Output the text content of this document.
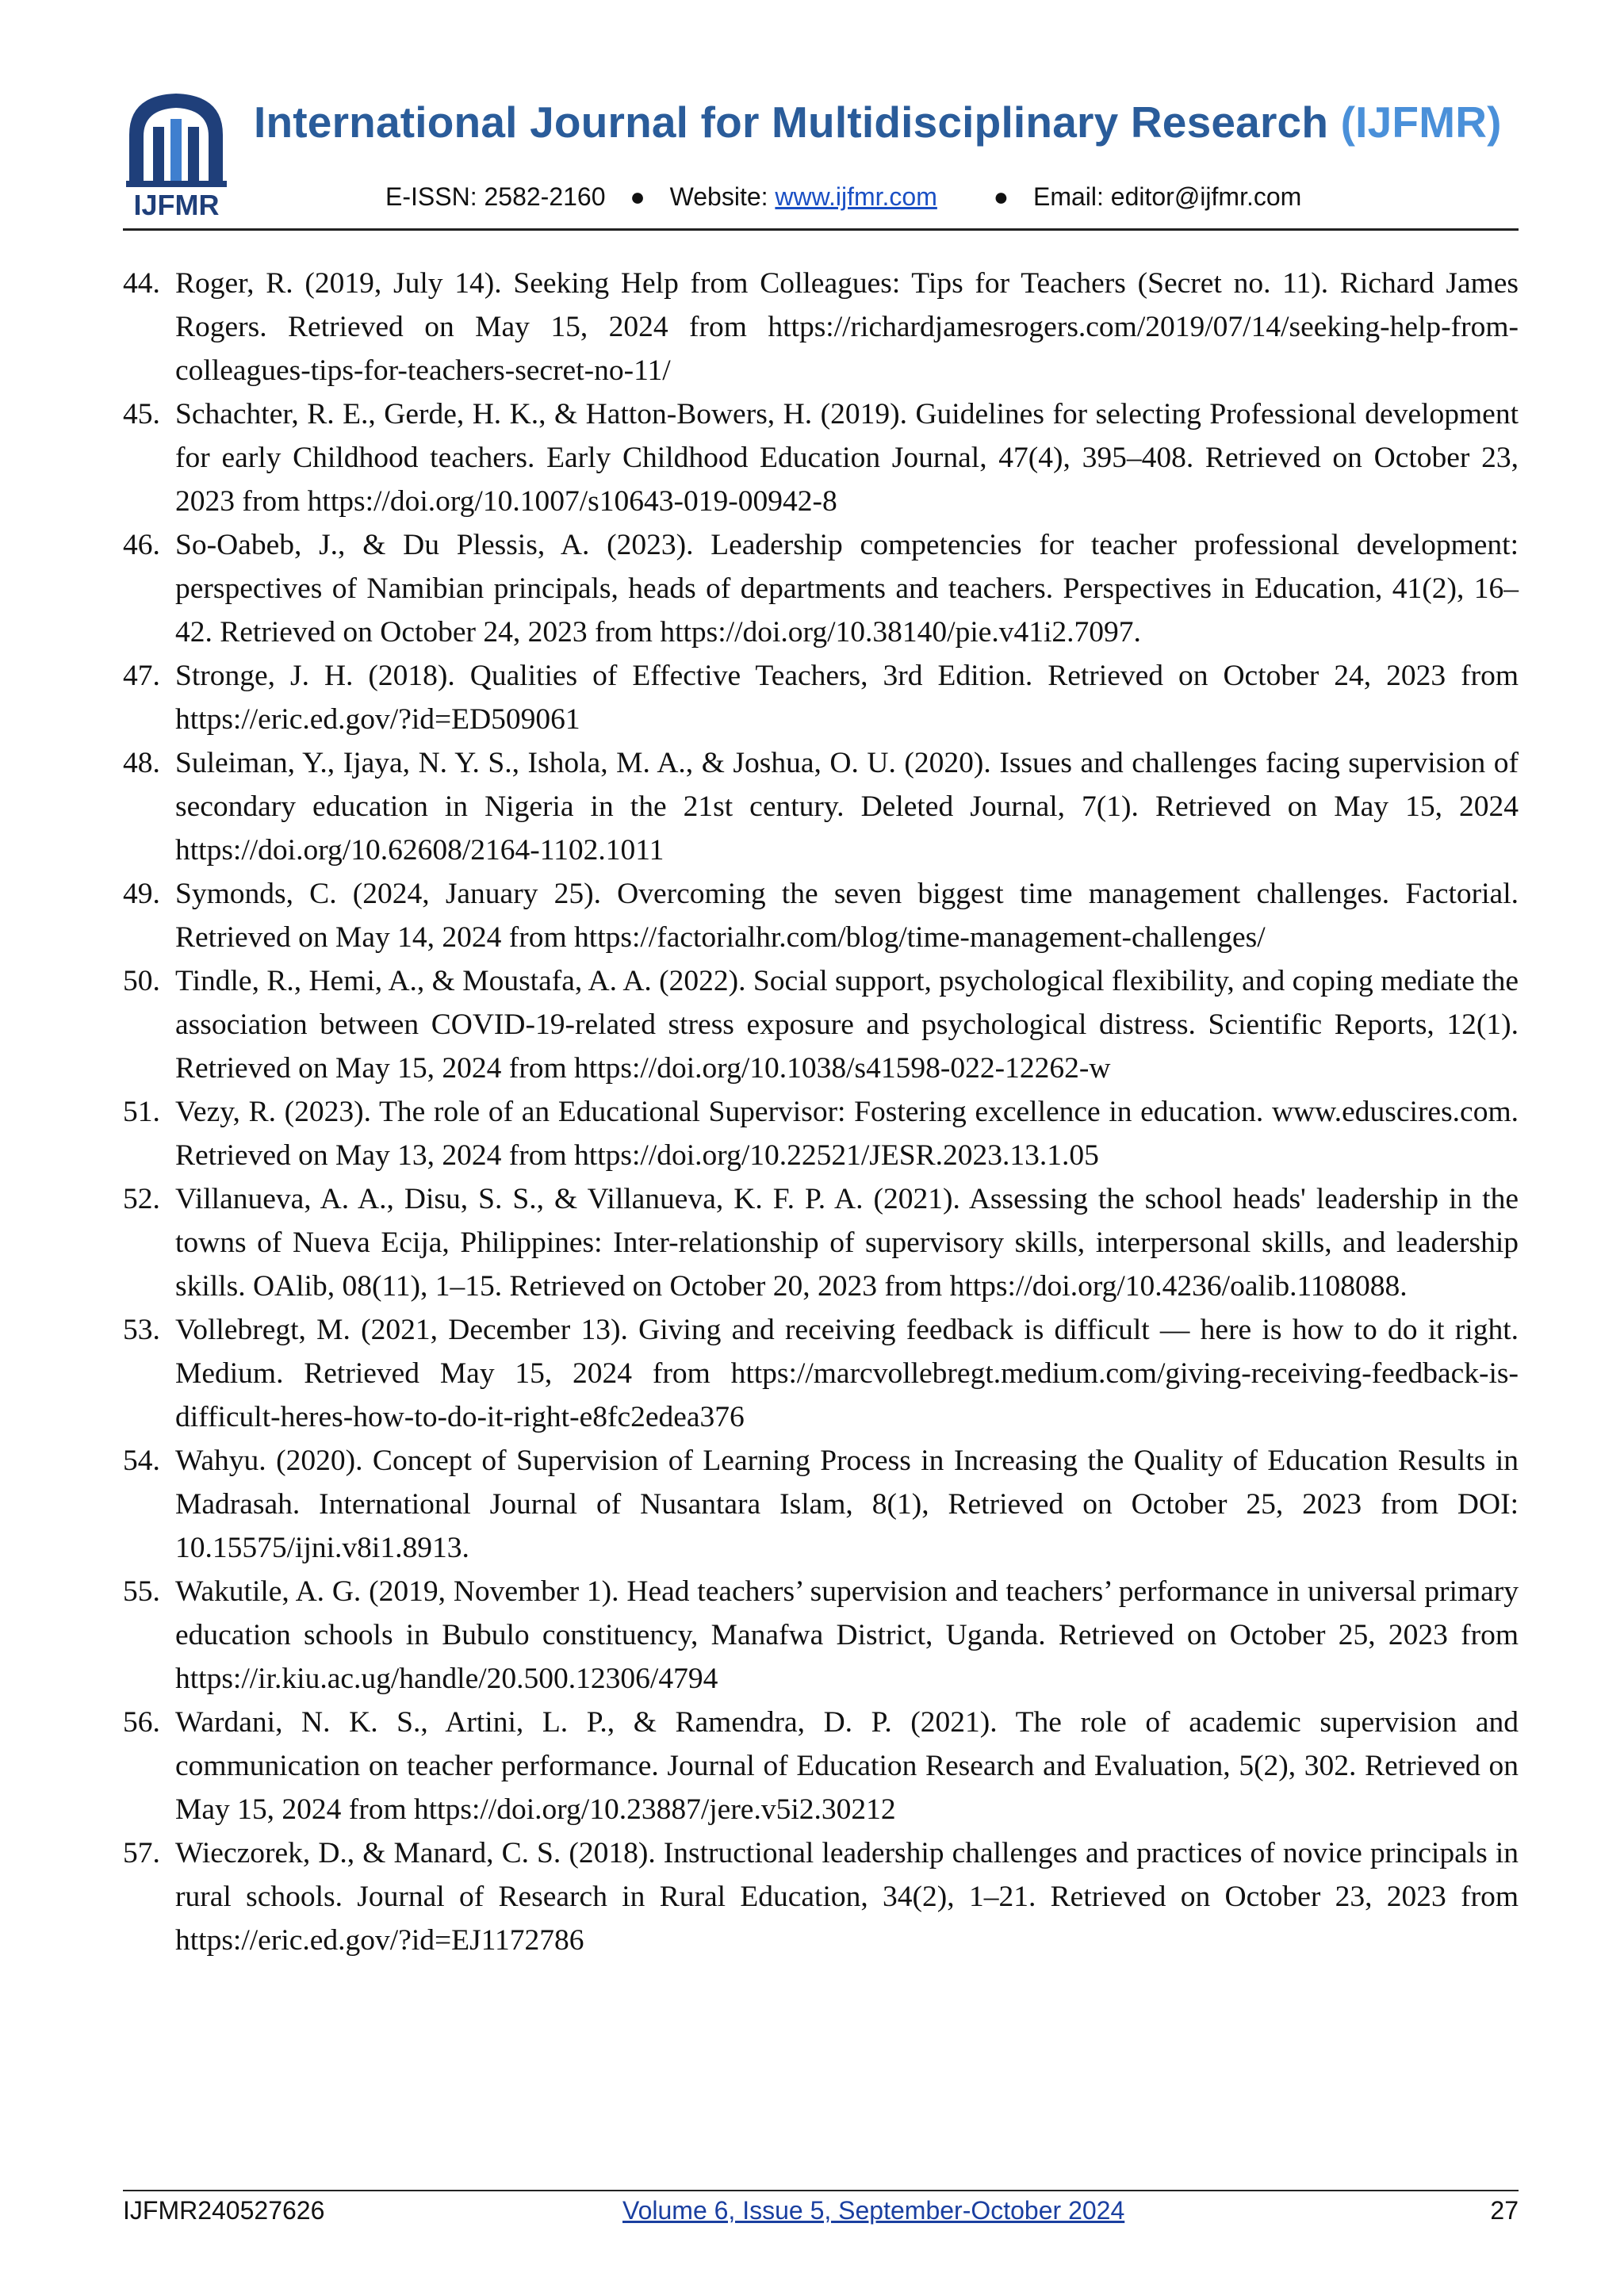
IJFMR
International Journal for Multidisciplinary Research (IJFMR)
E-ISSN: 2582-2160 ● Website: www.ijfmr.com ● Email: editor@ijfmr.com
44. Roger, R. (2019, July 14). Seeking Help from Colleagues: Tips for Teachers (Secret no. 11). Richard James Rogers. Retrieved on May 15, 2024 from https://richardjamesrogers.com/2019/07/14/seeking-help-from-colleagues-tips-for-teachers-secret-no-11/
45. Schachter, R. E., Gerde, H. K., & Hatton-Bowers, H. (2019). Guidelines for selecting Professional development for early Childhood teachers. Early Childhood Education Journal, 47(4), 395–408. Retrieved on October 23, 2023 from https://doi.org/10.1007/s10643-019-00942-8
46. So-Oabeb, J., & Du Plessis, A. (2023). Leadership competencies for teacher professional development: perspectives of Namibian principals, heads of departments and teachers. Perspectives in Education, 41(2), 16–42. Retrieved on October 24, 2023 from https://doi.org/10.38140/pie.v41i2.7097.
47. Stronge, J. H. (2018). Qualities of Effective Teachers, 3rd Edition. Retrieved on October 24, 2023 from https://eric.ed.gov/?id=ED509061
48. Suleiman, Y., Ijaya, N. Y. S., Ishola, M. A., & Joshua, O. U. (2020). Issues and challenges facing supervision of secondary education in Nigeria in the 21st century. Deleted Journal, 7(1). Retrieved on May 15, 2024 https://doi.org/10.62608/2164-1102.1011
49. Symonds, C. (2024, January 25). Overcoming the seven biggest time management challenges. Factorial. Retrieved on May 14, 2024 from https://factorialhr.com/blog/time-management-challenges/
50. Tindle, R., Hemi, A., & Moustafa, A. A. (2022). Social support, psychological flexibility, and coping mediate the association between COVID-19-related stress exposure and psychological distress. Scientific Reports, 12(1). Retrieved on May 15, 2024 from https://doi.org/10.1038/s41598-022-12262-w
51. Vezy, R. (2023). The role of an Educational Supervisor: Fostering excellence in education. www.eduscires.com. Retrieved on May 13, 2024 from https://doi.org/10.22521/JESR.2023.13.1.05
52. Villanueva, A. A., Disu, S. S., & Villanueva, K. F. P. A. (2021). Assessing the school heads' leadership in the towns of Nueva Ecija, Philippines: Inter-relationship of supervisory skills, interpersonal skills, and leadership skills. OAlib, 08(11), 1–15. Retrieved on October 20, 2023 from https://doi.org/10.4236/oalib.1108088.
53. Vollebregt, M. (2021, December 13). Giving and receiving feedback is difficult — here is how to do it right. Medium. Retrieved May 15, 2024 from https://marcvollebregt.medium.com/giving-receiving-feedback-is-difficult-heres-how-to-do-it-right-e8fc2edea376
54. Wahyu. (2020). Concept of Supervision of Learning Process in Increasing the Quality of Education Results in Madrasah. International Journal of Nusantara Islam, 8(1), Retrieved on October 25, 2023 from DOI: 10.15575/ijni.v8i1.8913.
55. Wakutile, A. G. (2019, November 1). Head teachers’ supervision and teachers’ performance in universal primary education schools in Bubulo constituency, Manafwa District, Uganda. Retrieved on October 25, 2023 from https://ir.kiu.ac.ug/handle/20.500.12306/4794
56. Wardani, N. K. S., Artini, L. P., & Ramendra, D. P. (2021). The role of academic supervision and communication on teacher performance. Journal of Education Research and Evaluation, 5(2), 302. Retrieved on May 15, 2024 from https://doi.org/10.23887/jere.v5i2.30212
57. Wieczorek, D., & Manard, C. S. (2018). Instructional leadership challenges and practices of novice principals in rural schools. Journal of Research in Rural Education, 34(2), 1–21. Retrieved on October 23, 2023 from https://eric.ed.gov/?id=EJ1172786
IJFMR240527626	Volume 6, Issue 5, September-October 2024	27
